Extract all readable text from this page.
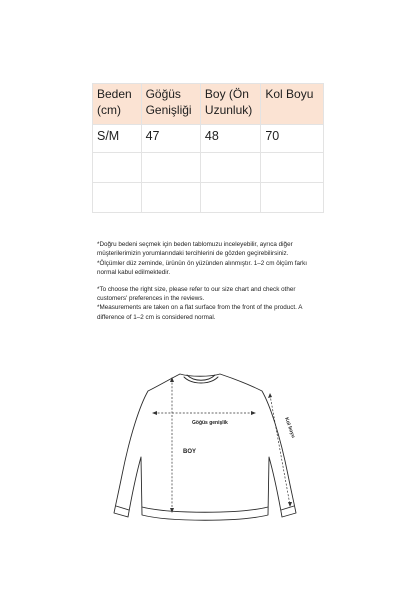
Beden (cm)	Göğüs Genişliği	Boy (Ön Uzunluk)	Kol Boyu
S/M	47	48	70

*Doğru bedeni seçmek için beden tablomuzu inceleyebilir, ayrıca diğer müşterilerimizin yorumlarındaki tercihlerini de gözden geçirebilirsiniz.

*Ölçümler düz zeminde, ürünün ön yüzünden alınmıştır. 1–2 cm ölçüm farkı normal kabul edilmektedir.

*To choose the right size, please refer to our size chart and check other customers' preferences in the reviews.

*Measurements are taken on a flat surface from the front of the product. A difference of 1–2 cm is considered normal.

Göğüs genişlik
BOY
Kol boyu
